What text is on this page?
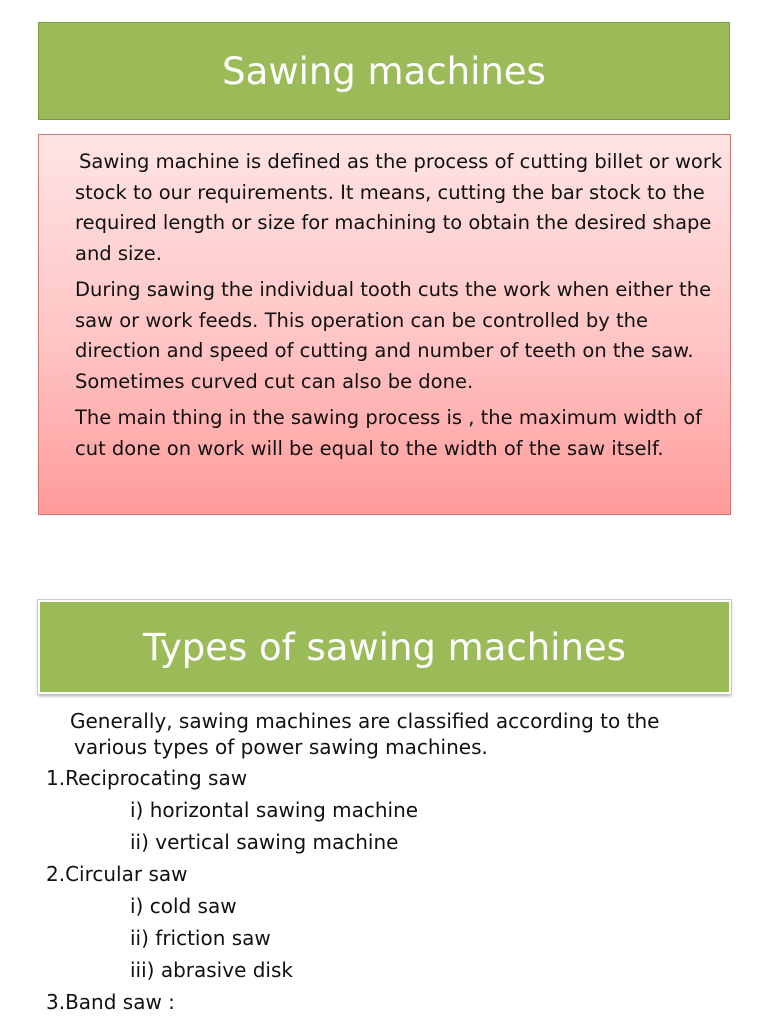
Sawing machines

Sawing machine is defined as the process of cutting billet or work stock to our requirements. It means, cutting the bar stock to the required length or size for machining to obtain the desired shape and size.

During sawing the individual tooth cuts the work when either the saw or work feeds. This operation can be controlled by the direction and speed of cutting and number of teeth on the saw. Sometimes curved cut can also be done.

The main thing in the sawing process is , the maximum width of cut done on work will be equal to the width of the saw itself.

Types of sawing machines
Generally, sawing machines are classified according to the
various types of power sawing machines.
1.Reciprocating saw
i) horizontal sawing machine
ii) vertical sawing machine
2.Circular saw
i) cold saw
ii) friction saw
iii) abrasive disk
3.Band saw :
